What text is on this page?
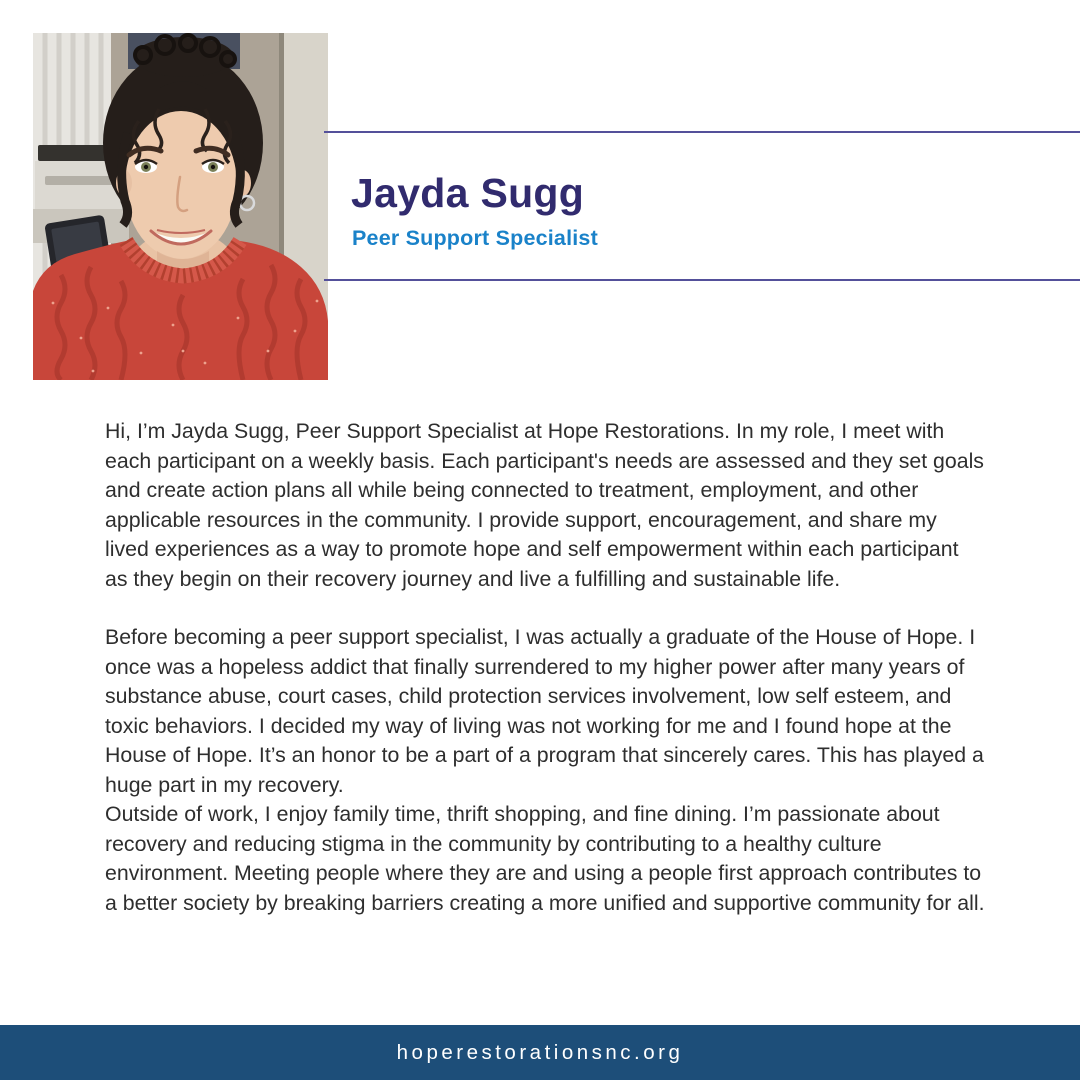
Jayda Sugg
Peer Support Specialist

Hi, I’m Jayda Sugg, Peer Support Specialist at Hope Restorations. In my role, I meet with each participant on a weekly basis. Each participant's needs are assessed and they set goals and create action plans all while being connected to treatment, employment, and other applicable resources in the community. I provide support, encouragement, and share my lived experiences as a way to promote hope and self empowerment within each participant as they begin on their recovery journey and live a fulfilling and sustainable life.

Before becoming a peer support specialist, I was actually a graduate of the House of Hope. I once was a hopeless addict that finally surrendered to my higher power after many years of substance abuse, court cases, child protection services involvement, low self esteem, and toxic behaviors. I decided my way of living was not working for me and I found hope at the House of Hope. It’s an honor to be a part of a program that sincerely cares. This has played a huge part in my recovery.

Outside of work, I enjoy family time, thrift shopping, and fine dining. I’m passionate about recovery and reducing stigma in the community by contributing to a healthy culture environment. Meeting people where they are and using a people first approach contributes to a better society by breaking barriers creating a more unified and supportive community for all.

hoperestorationsnc.org
